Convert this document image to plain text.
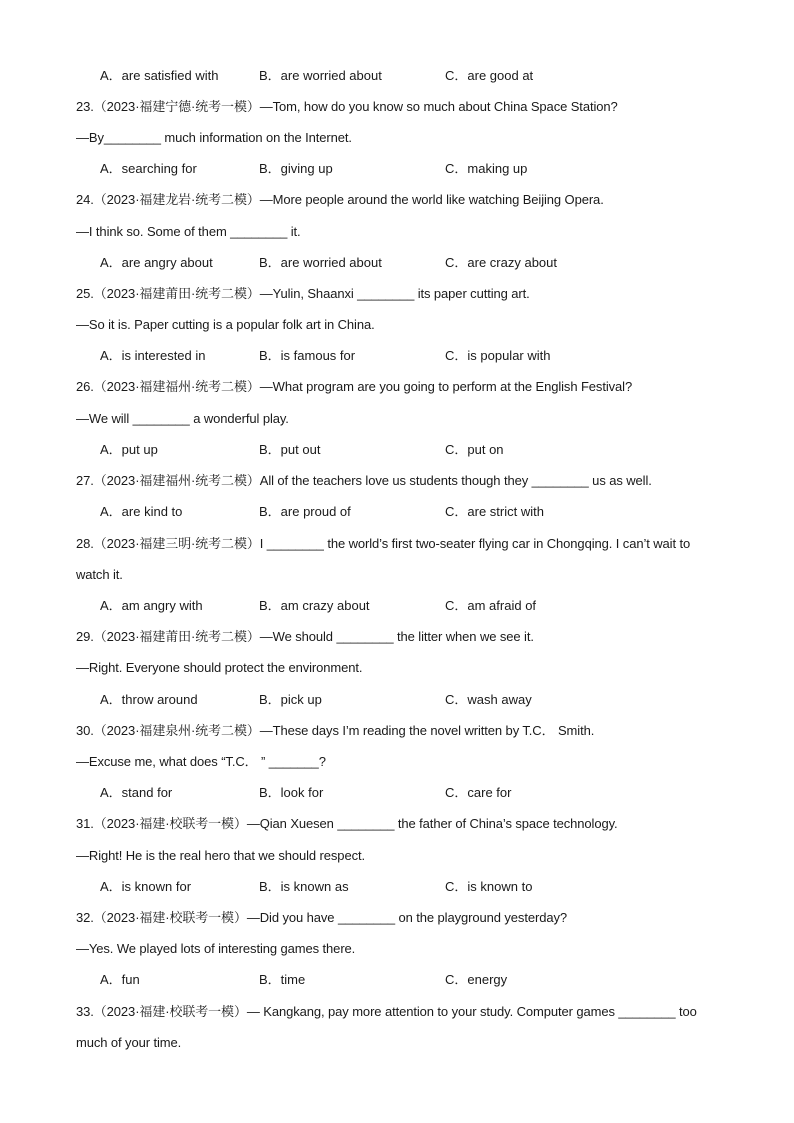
A．are satisfied with	B．are worried about	C．are good at
23.（2023·福建宁德·统考一模）—Tom, how do you know so much about China Space Station?
—By________ much information on the Internet.
A．searching for	B．giving up	C．making up
24.（2023·福建龙岩·统考二模）—More people around the world like watching Beijing Opera.
—I think so. Some of them ________ it.
A．are angry about	B．are worried about	C．are crazy about
25.（2023·福建莆田·统考二模）—Yulin, Shaanxi ________ its paper cutting art.
—So it is. Paper cutting is a popular folk art in China.
A．is interested in	B．is famous for	C．is popular with
26.（2023·福建福州·统考二模）—What program are you going to perform at the English Festival?
—We will ________ a wonderful play.
A．put up	B．put out	C．put on
27.（2023·福建福州·统考二模）All of the teachers love us students though they ________ us as well.
A．are kind to	B．are proud of	C．are strict with
28.（2023·福建三明·统考二模）I ________ the world’s first two-seater flying car in Chongqing. I can’t wait to
watch it.
A．am angry with	B．am crazy about	C．am afraid of
29.（2023·福建莆田·统考二模）—We should ________ the litter when we see it.
—Right. Everyone should protect the environment.
A．throw around	B．pick up	C．wash away
30.（2023·福建泉州·统考二模）—These days I’m reading the novel written by T.C． Smith.
—Excuse me, what does “T.C． ” _______?
A．stand for	B．look for	C．care for
31.（2023·福建·校联考一模）—Qian Xuesen ________ the father of China’s space technology.
—Right! He is the real hero that we should respect.
A．is known for	B．is known as	C．is known to
32.（2023·福建·校联考一模）—Did you have ________ on the playground yesterday?
—Yes. We played lots of interesting games there.
A．fun	B．time	C．energy
33.（2023·福建·校联考一模）— Kangkang, pay more attention to your study. Computer games ________ too
much of your time.
